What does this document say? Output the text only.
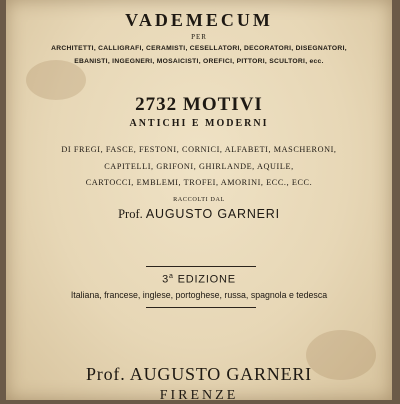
VADEMECUM
PER
ARCHITETTI, CALLIGRAFI, CERAMISTI, CESELLATORI, DECORATORI, DISEGNATORI,
EBANISTI, INGEGNERI, MOSAICISTI, OREFICI, PITTORI, SCULTORI, ecc.
2732 MOTIVI
ANTICHI E MODERNI
DI FREGI, FASCE, FESTONI, CORNICI, ALFABETI, MASCHERONI,
CAPITELLI, GRIFONI, GHIRLANDE, AQUILE,
CARTOCCI, EMBLEMI, TROFEI, AMORINI, ECC., ECC.
RACCOLTI DAL
Prof. AUGUSTO GARNERI
3$^a$ EDIZIONE
Italiana, francese, inglese, portoghese, russa, spagnola e tedesca
Prof. AUGUSTO GARNERI
FIRENZE
